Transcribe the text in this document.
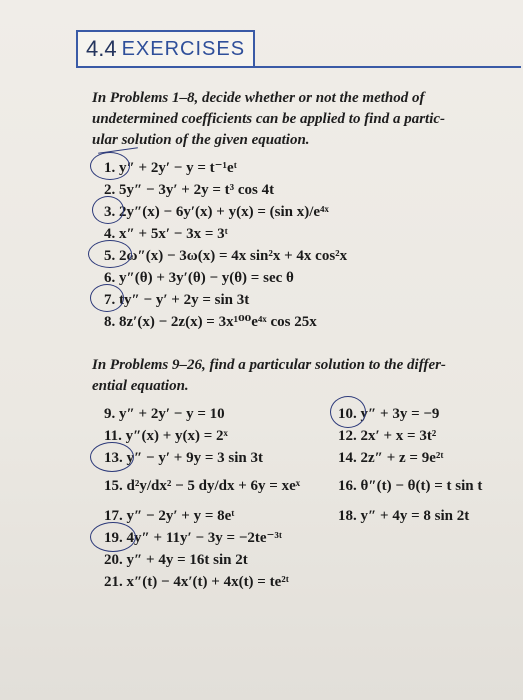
4.4 EXERCISES
In Problems 1–8, decide whether or not the method of
undetermined coefficients can be applied to find a partic-
ular solution of the given equation.
1. y″ + 2y′ − y = t⁻¹eᵗ
2. 5y″ − 3y′ + 2y = t³ cos 4t
3. 2y″(x) − 6y′(x) + y(x) = (sin x)/e⁴ˣ
4. x″ + 5x′ − 3x = 3ᵗ
5. 2ω″(x) − 3ω(x) = 4x sin²x + 4x cos²x
6. y″(θ) + 3y′(θ) − y(θ) = sec θ
7. ty″ − y′ + 2y = sin 3t
8. 8z′(x) − 2z(x) = 3x¹⁰⁰e⁴ˣ cos 25x
In Problems 9–26, find a particular solution to the differ-
ential equation.
9. y″ + 2y′ − y = 10
11. y″(x) + y(x) = 2ˣ
13. y″ − y′ + 9y = 3 sin 3t
15. d²y/dx² − 5 dy/dx + 6y = xeˣ
17. y″ − 2y′ + y = 8eᵗ
19. 4y″ + 11y′ − 3y = −2te⁻³ᵗ
20. y″ + 4y = 16t sin 2t
21. x″(t) − 4x′(t) + 4x(t) = te²ᵗ
10. y″ + 3y = −9
12. 2x′ + x = 3t²
14. 2z″ + z = 9e²ᵗ
16. θ″(t) − θ(t) = t sin t
18. y″ + 4y = 8 sin 2t
